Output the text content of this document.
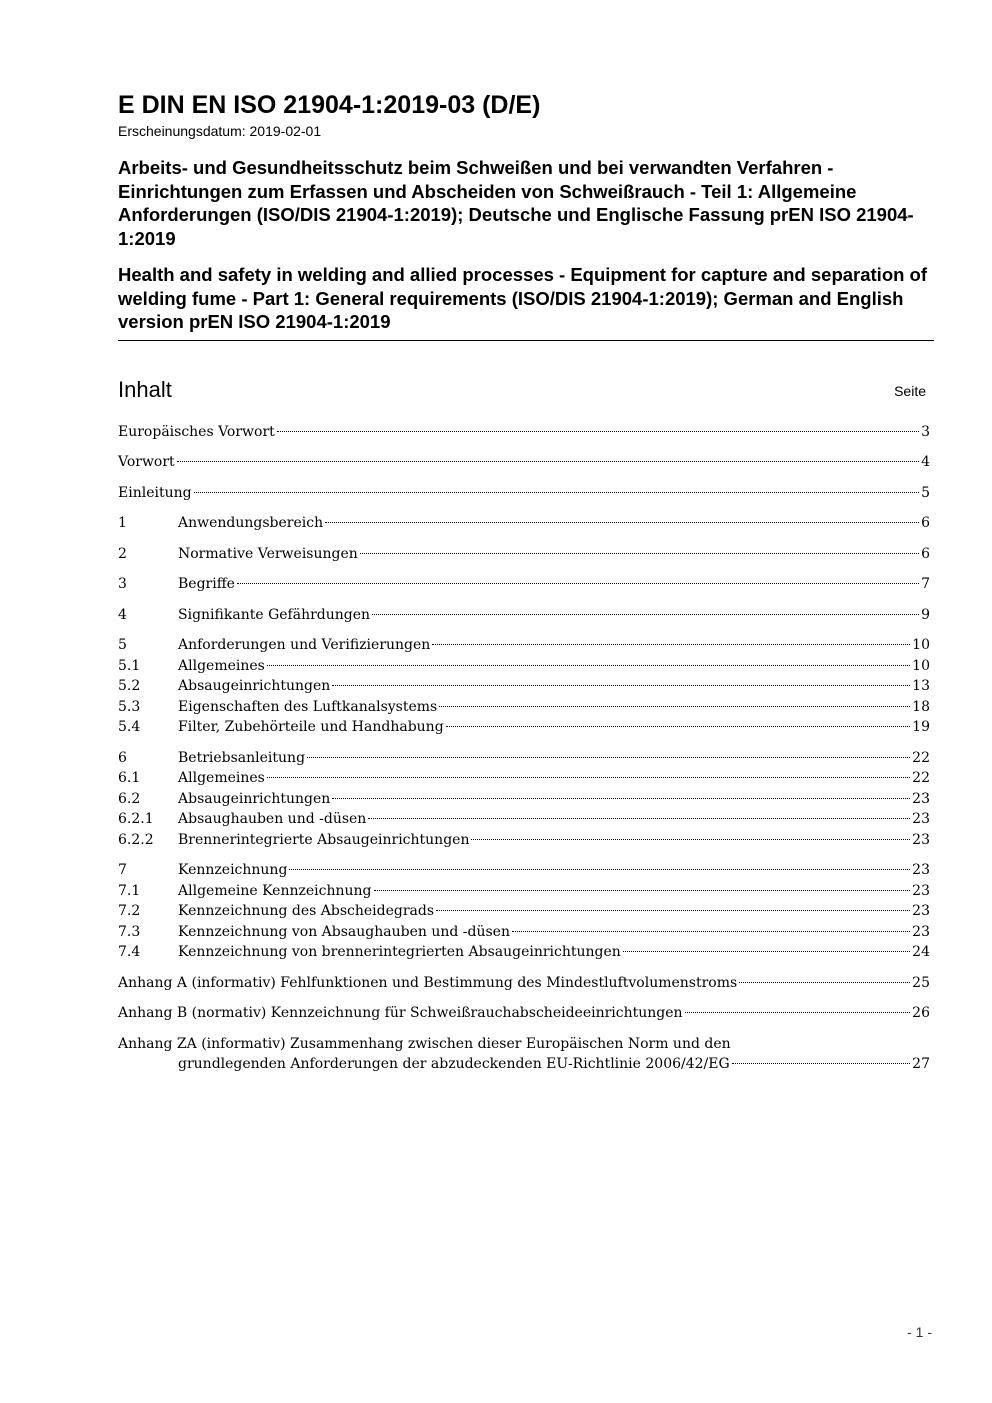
E DIN EN ISO 21904-1:2019-03 (D/E)

Erscheinungsdatum: 2019-02-01

Arbeits- und Gesundheitsschutz beim Schweißen und bei verwandten Verfahren - Einrichtungen zum Erfassen und Abscheiden von Schweißrauch - Teil 1: Allgemeine Anforderungen (ISO/DIS 21904-1:2019); Deutsche und Englische Fassung prEN ISO 21904-1:2019

Health and safety in welding and allied processes - Equipment for capture and separation of welding fume - Part 1: General requirements (ISO/DIS 21904-1:2019); German and English version prEN ISO 21904-1:2019

Inhalt	Seite
Europäisches Vorwort	3
Vorwort	4
Einleitung	5
1	Anwendungsbereich	6
2	Normative Verweisungen	6
3	Begriffe	7
4	Signifikante Gefährdungen	9
5	Anforderungen und Verifizierungen	10
5.1	Allgemeines	10
5.2	Absaugeinrichtungen	13
5.3	Eigenschaften des Luftkanalsystems	18
5.4	Filter, Zubehörteile und Handhabung	19
6	Betriebsanleitung	22
6.1	Allgemeines	22
6.2	Absaugeinrichtungen	23
6.2.1	Absaughauben und -düsen	23
6.2.2	Brennerintegrierte Absaugeinrichtungen	23
7	Kennzeichnung	23
7.1	Allgemeine Kennzeichnung	23
7.2	Kennzeichnung des Abscheidegrads	23
7.3	Kennzeichnung von Absaughauben und -düsen	23
7.4	Kennzeichnung von brennerintegrierten Absaugeinrichtungen	24
Anhang A (informativ) Fehlfunktionen und Bestimmung des Mindestluftvolumenstroms	25
Anhang B (normativ) Kennzeichnung für Schweißrauchabscheideeinrichtungen	26
Anhang ZA (informativ) Zusammenhang zwischen dieser Europäischen Norm und den
grundlegenden Anforderungen der abzudeckenden EU-Richtlinie 2006/42/EG	27
- 1 -
